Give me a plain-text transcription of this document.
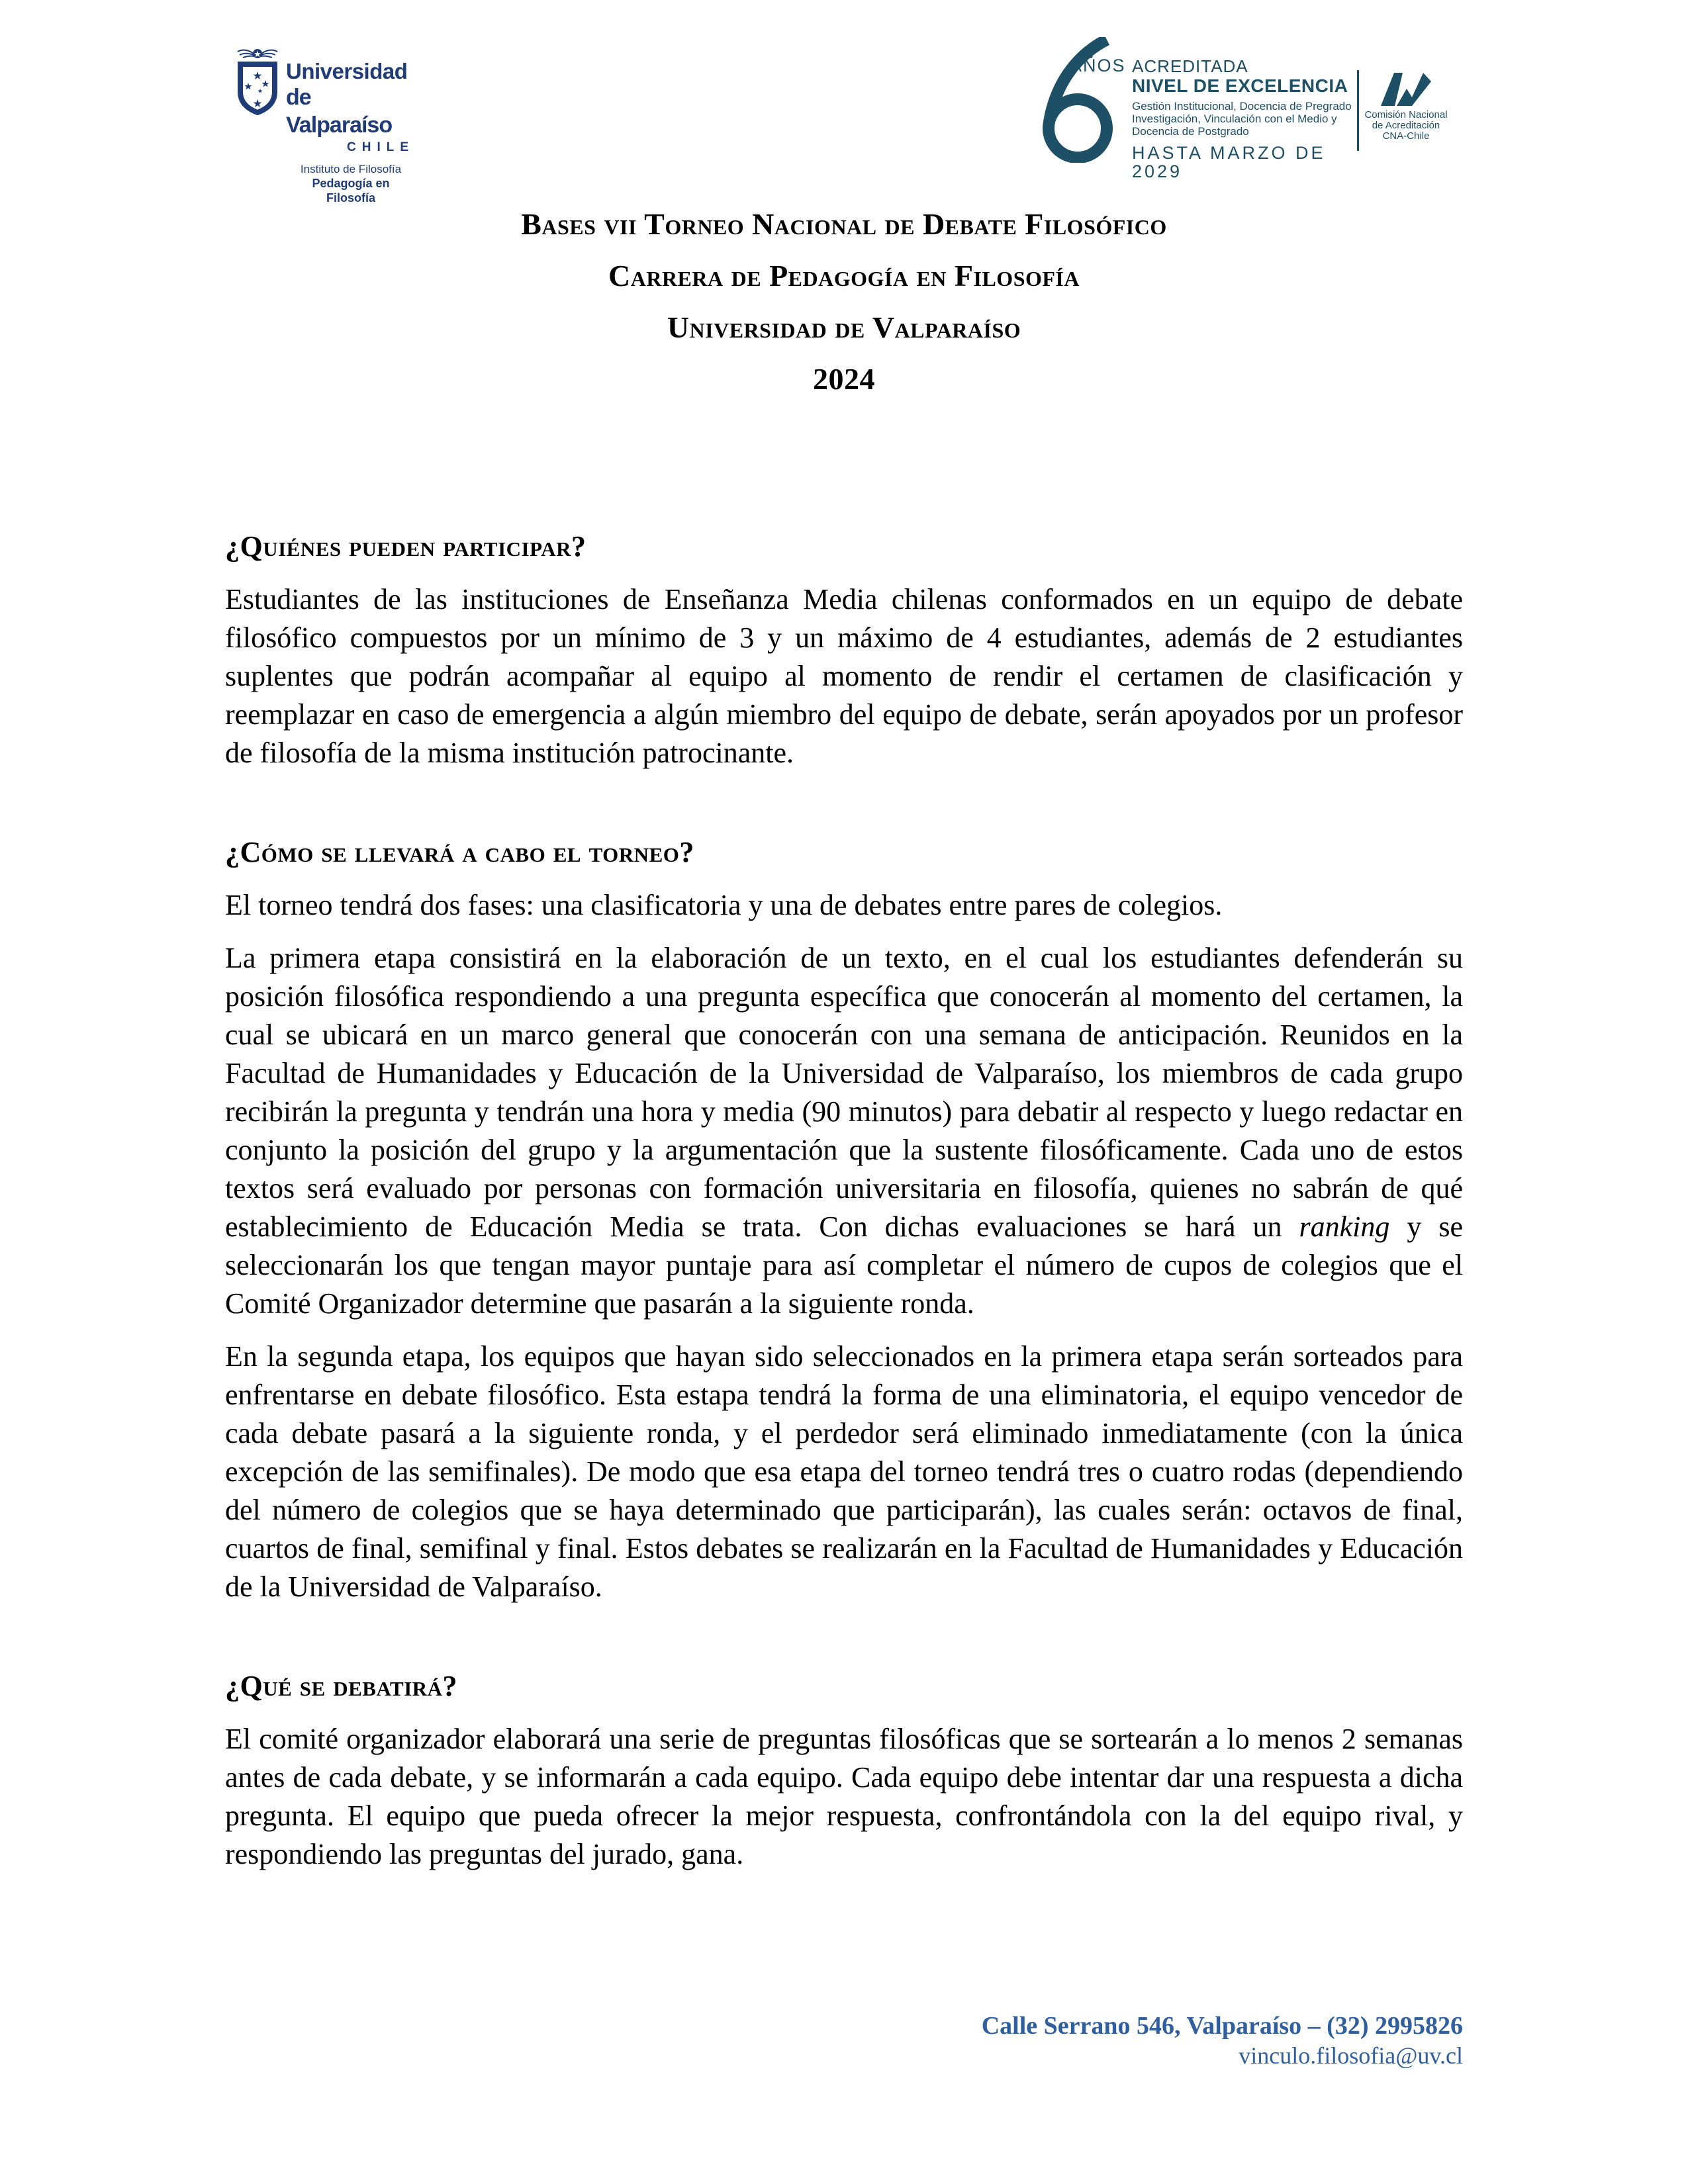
Universidad
de Valparaíso
CHILE
Instituto de Filosofía
Pedagogía en Filosofía
AÑOS ACREDITADA
NIVEL DE EXCELENCIA
Gestión Institucional, Docencia de Pregrado
Investigación, Vinculación con el Medio y
Docencia de Postgrado
HASTA MARZO DE 2029
Comisión Nacional
de Acreditación
CNA-Chile
Bases vii Torneo Nacional de Debate Filosófico
Carrera de Pedagogía en Filosofía
Universidad de Valparaíso
2024
¿Quiénes pueden participar?

Estudiantes de las instituciones de Enseñanza Media chilenas conformados en un equipo de debate filosófico compuestos por un mínimo de 3 y un máximo de 4 estudiantes, además de 2 estudiantes suplentes que podrán acompañar al equipo al momento de rendir el certamen de clasificación y reemplazar en caso de emergencia a algún miembro del equipo de debate, serán apoyados por un profesor de filosofía de la misma institución patrocinante.

¿Cómo se llevará a cabo el torneo?

El torneo tendrá dos fases: una clasificatoria y una de debates entre pares de colegios.

La primera etapa consistirá en la elaboración de un texto, en el cual los estudiantes defenderán su posición filosófica respondiendo a una pregunta específica que conocerán al momento del certamen, la cual se ubicará en un marco general que conocerán con una semana de anticipación. Reunidos en la Facultad de Humanidades y Educación de la Universidad de Valparaíso, los miembros de cada grupo recibirán la pregunta y tendrán una hora y media (90 minutos) para debatir al respecto y luego redactar en conjunto la posición del grupo y la argumentación que la sustente filosóficamente. Cada uno de estos textos será evaluado por personas con formación universitaria en filosofía, quienes no sabrán de qué establecimiento de Educación Media se trata. Con dichas evaluaciones se hará un ranking y se seleccionarán los que tengan mayor puntaje para así completar el número de cupos de colegios que el Comité Organizador determine que pasarán a la siguiente ronda.

En la segunda etapa, los equipos que hayan sido seleccionados en la primera etapa serán sorteados para enfrentarse en debate filosófico. Esta estapa tendrá la forma de una eliminatoria, el equipo vencedor de cada debate pasará a la siguiente ronda, y el perdedor será eliminado inmediatamente (con la única excepción de las semifinales). De modo que esa etapa del torneo tendrá tres o cuatro rodas (dependiendo del número de colegios que se haya determinado que participarán), las cuales serán: octavos de final, cuartos de final, semifinal y final. Estos debates se realizarán en la Facultad de Humanidades y Educación de la Universidad de Valparaíso.

¿Qué se debatirá?

El comité organizador elaborará una serie de preguntas filosóficas que se sortearán a lo menos 2 semanas antes de cada debate, y se informarán a cada equipo. Cada equipo debe intentar dar una respuesta a dicha pregunta. El equipo que pueda ofrecer la mejor respuesta, confrontándola con la del equipo rival, y respondiendo las preguntas del jurado, gana.

Calle Serrano 546, Valparaíso – (32) 2995826
vinculo.filosofia@uv.cl
